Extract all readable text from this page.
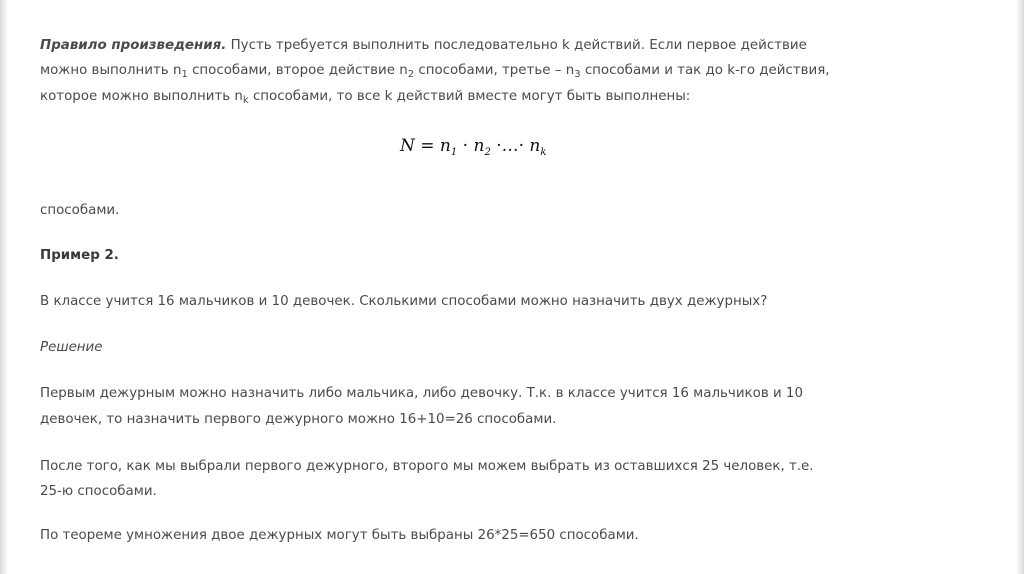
Правило произведения. Пусть требуется выполнить последовательно k действий. Если первое действие

можно выполнить $n_1$ способами, второе действие $n_2$ способами, третье – $n_3$ способами и так до k-го действия,

которое можно выполнить $n_k$ способами, то все k действий вместе могут быть выполнены:

$N = n_1 \cdot n_2$ ·…· $n_k$

способами.

Пример 2.

В классе учится 16 мальчиков и 10 девочек. Сколькими способами можно назначить двух дежурных?

Решение

Первым дежурным можно назначить либо мальчика, либо девочку. Т.к. в классе учится 16 мальчиков и 10

девочек, то назначить первого дежурного можно 16+10=26 способами.

После того, как мы выбрали первого дежурного, второго мы можем выбрать из оставшихся 25 человек, т.е.

25-ю способами.

По теореме умножения двое дежурных могут быть выбраны 26*25=650 способами.
